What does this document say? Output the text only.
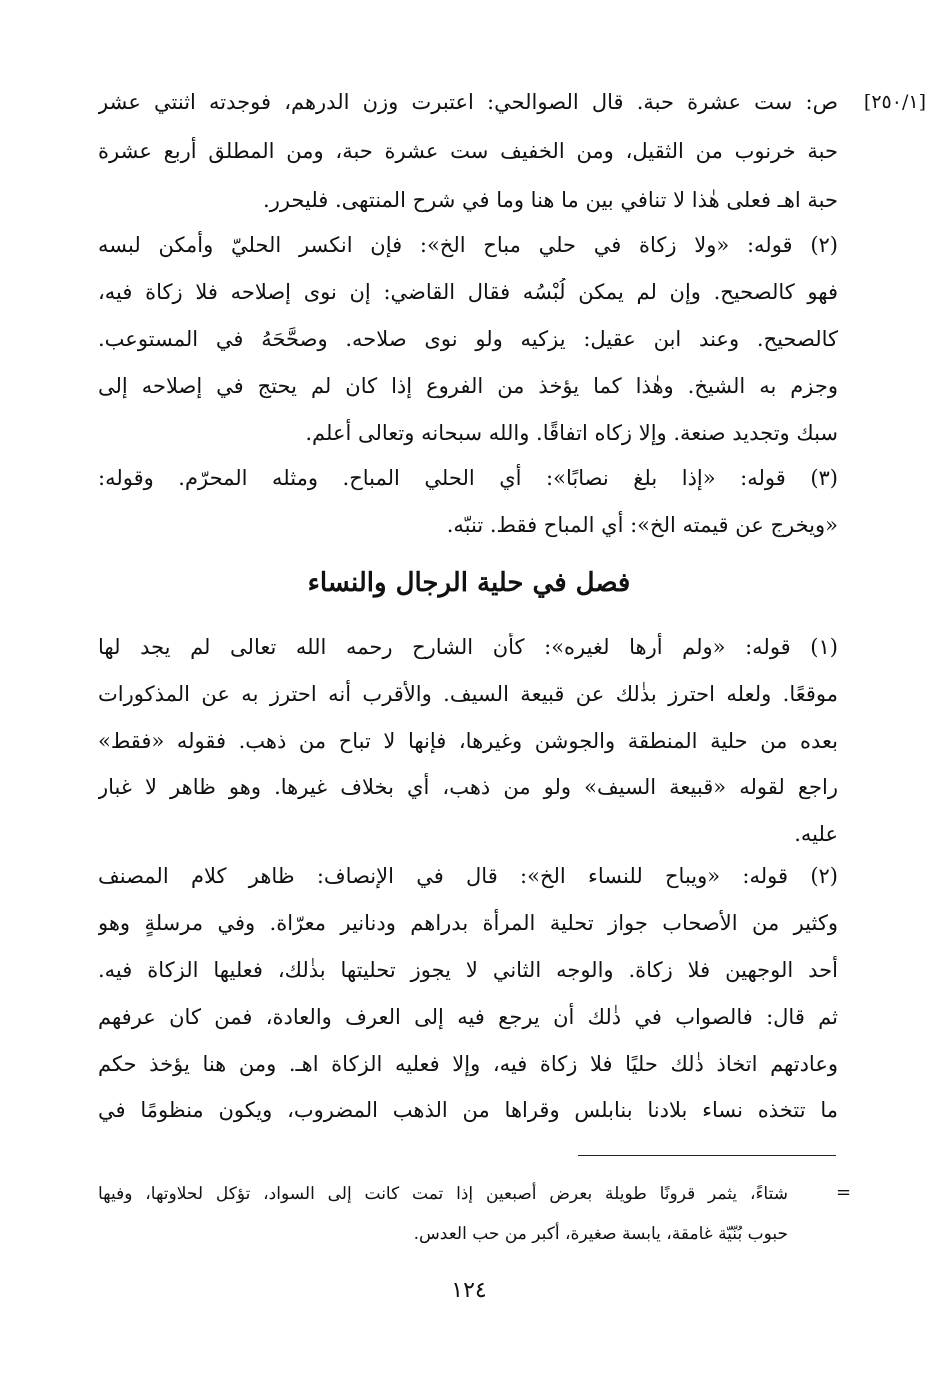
[٢٥٠/١]
ص: ست عشرة حبة. قال الصوالحي: اعتبرت وزن الدرهم، فوجدته اثنتي عشر
حبة خرنوب من الثقيل، ومن الخفيف ست عشرة حبة، ومن المطلق أربع عشرة
حبة اهـ فعلى هٰذا لا تنافي بين ما هنا وما في شرح المنتهى. فليحرر.
(٢) قوله: «ولا زكاة في حلي مباح الخ»: فإن انكسر الحليّ وأمكن لبسه
فهو كالصحيح. وإن لم يمكن لُبْسُه فقال القاضي: إن نوى إصلاحه فلا زكاة فيه،
كالصحيح. وعند ابن عقيل: يزكيه ولو نوى صلاحه. وصحَّحَهُ في المستوعب.
وجزم به الشيخ. وهٰذا كما يؤخذ من الفروع إذا كان لم يحتج في إصلاحه إلى
سبك وتجديد صنعة. وإلا زكاه اتفاقًا. والله سبحانه وتعالى أعلم.
(٣) قوله: «إذا بلغ نصابًا»: أي الحلي المباح. ومثله المحرّم. وقوله:
«ويخرج عن قيمته الخ»: أي المباح فقط. تنبّه.
فصل في حلية الرجال والنساء
(١) قوله: «ولم أرها لغيره»: كأن الشارح رحمه الله تعالى لم يجد لها
موقعًا. ولعله احترز بذٰلك عن قبيعة السيف. والأقرب أنه احترز به عن المذكورات
بعده من حلية المنطقة والجوشن وغيرها، فإنها لا تباح من ذهب. فقوله «فقط»
راجع لقوله «قبيعة السيف» ولو من ذهب، أي بخلاف غيرها. وهو ظاهر لا غبار
عليه.
(٢) قوله: «ويباح للنساء الخ»: قال في الإنصاف: ظاهر كلام المصنف
وكثير من الأصحاب جواز تحلية المرأة بدراهم ودنانير معرّاة. وفي مرسلةٍ وهو
أحد الوجهين فلا زكاة. والوجه الثاني لا يجوز تحليتها بذٰلك، فعليها الزكاة فيه.
ثم قال: فالصواب في ذٰلك أن يرجع فيه إلى العرف والعادة، فمن كان عرفهم
وعادتهم اتخاذ ذٰلك حليًا فلا زكاة فيه، وإلا فعليه الزكاة اهـ. ومن هنا يؤخذ حكم
ما تتخذه نساء بلادنا بنابلس وقراها من الذهب المضروب، ويكون منظومًا في
=
شتاءً، يثمر قرونًا طويلة بعرض أصبعين إذا تمت كانت إلى السواد، تؤكل لحلاوتها، وفيها
حبوب بُنّيّة غامقة، يابسة صغيرة، أكبر من حب العدس.
١٢٤
